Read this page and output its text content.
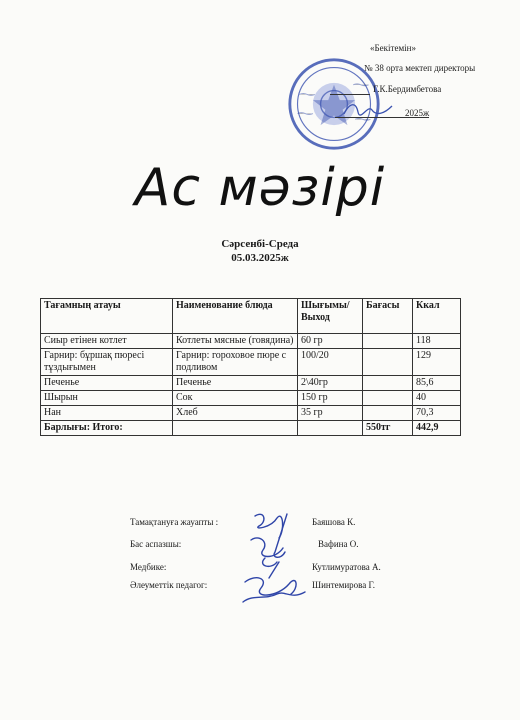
«Бекітемін»
№ 38 орта мектеп директоры
Г.К.Бердимбетова
2025ж
Ас мәзірі
Сәрсенбі-Среда
05.03.2025ж
Тағамның атауы	Наименование блюда	Шығымы/ Выход	Бағасы	Ккал
Сиыр етінен котлет	Котлеты мясные (говядина)	60 гр		118
Гарнир: бұршақ пюресі тұздығымен	Гарнир: гороховое пюре с подливом	100/20		129
Печенье	Печенье	2\40гр		85,6
Шырын	Сок	150 гр		40
Нан	Хлеб	35 гр		70,3
Барлығы: Итого:			550тг	442,9
Тамақтануға жауапты :	Баяшова К.
Бас аспазшы:	Вафина О.
Медбике:	Кутлимуратова А.
Әлеуметтік педагог:	Шинтемирова Г.
